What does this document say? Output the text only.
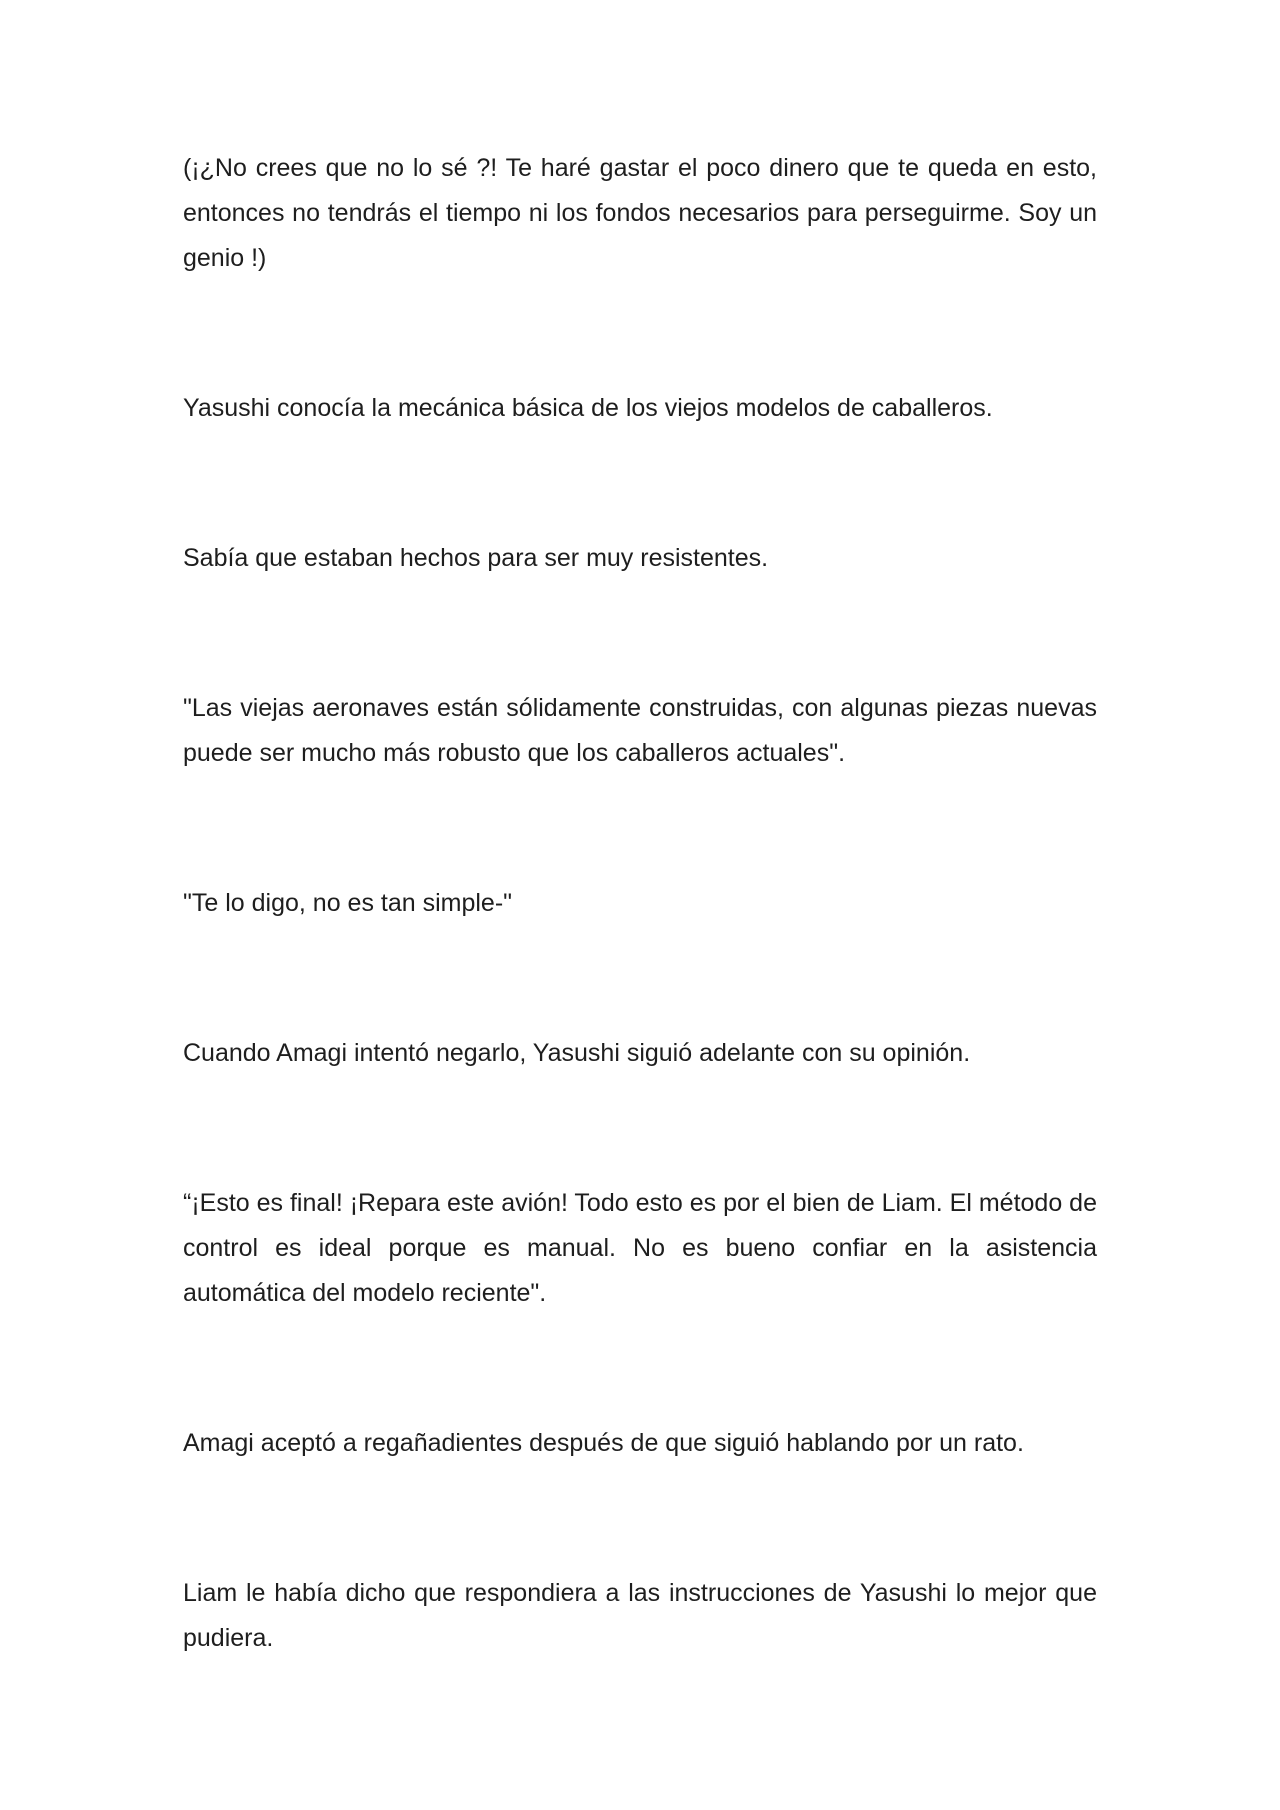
(¡¿No crees que no lo sé ?! Te haré gastar el poco dinero que te queda en esto, entonces no tendrás el tiempo ni los fondos necesarios para perseguirme. Soy un genio !)

Yasushi conocía la mecánica básica de los viejos modelos de caballeros.

Sabía que estaban hechos para ser muy resistentes.

"Las viejas aeronaves están sólidamente construidas, con algunas piezas nuevas puede ser mucho más robusto que los caballeros actuales".

"Te lo digo, no es tan simple-"

Cuando Amagi intentó negarlo, Yasushi siguió adelante con su opinión.

“¡Esto es final! ¡Repara este avión! Todo esto es por el bien de Liam. El método de control es ideal porque es manual. No es bueno confiar en la asistencia automática del modelo reciente".

Amagi aceptó a regañadientes después de que siguió hablando por un rato.

Liam le había dicho que respondiera a las instrucciones de Yasushi lo mejor que pudiera.
